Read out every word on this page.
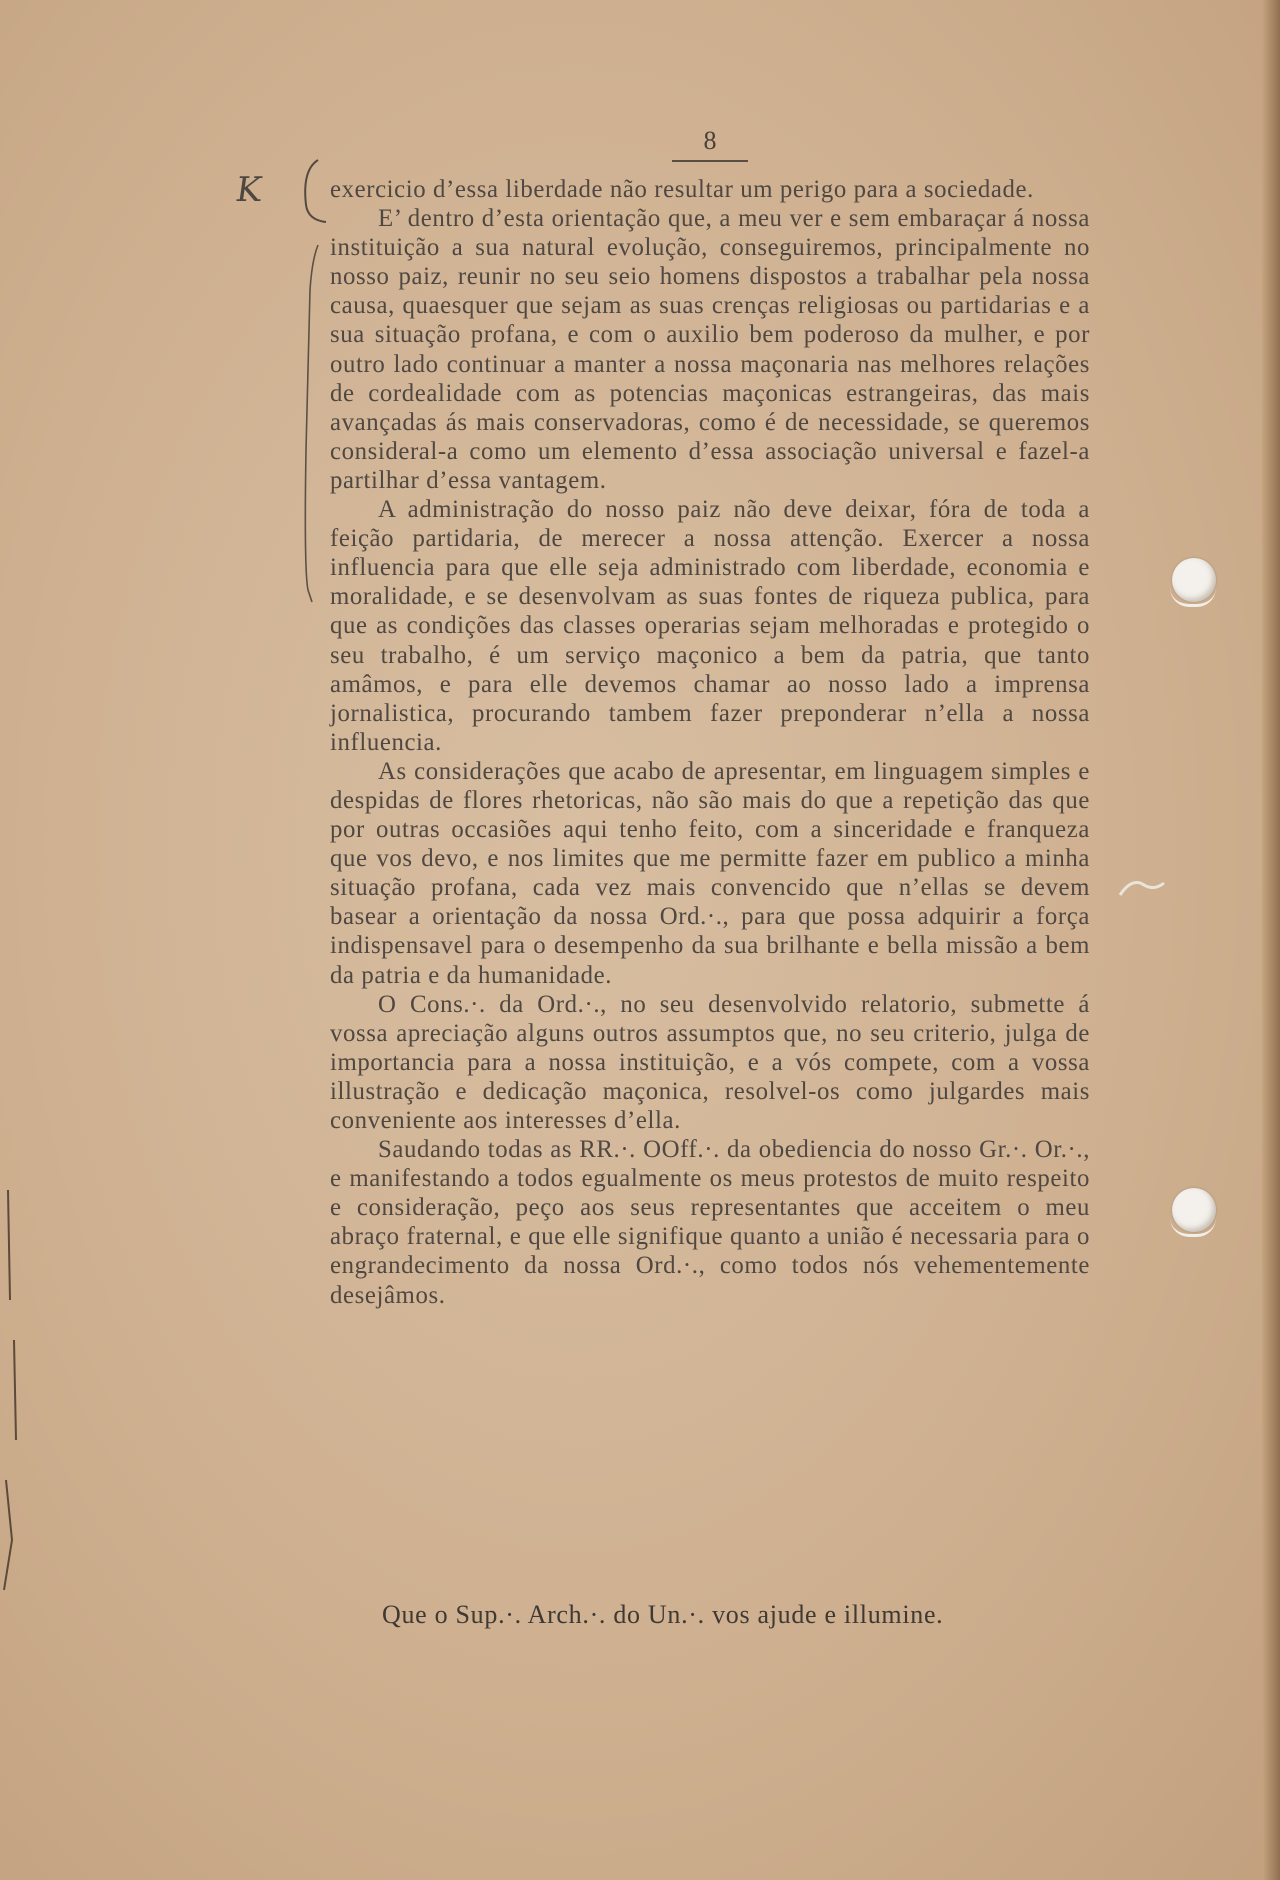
8
K	exercicio d’essa liberdade não resultar um perigo para a sociedade.

E’ dentro d’esta orientação que, a meu ver e sem embaraçar á nossa instituição a sua natural evolução, conseguiremos, principalmente no nosso paiz, reunir no seu seio homens dispostos a trabalhar pela nossa causa, quaesquer que sejam as suas crenças religiosas ou partidarias e a sua situação profana, e com o auxilio bem poderoso da mulher, e por outro lado continuar a manter a nossa maçonaria nas melhores relações de cordealidade com as potencias maçonicas estrangeiras, das mais avançadas ás mais conservadoras, como é de necessidade, se queremos consideral-a como um elemento d’essa associação universal e fazel-a partilhar d’essa vantagem.

A administração do nosso paiz não deve deixar, fóra de toda a feição partidaria, de merecer a nossa attenção. Exercer a nossa influencia para que elle seja administrado com liberdade, economia e moralidade, e se desenvolvam as suas fontes de riqueza publica, para que as condições das classes operarias sejam melhoradas e protegido o seu trabalho, é um serviço maçonico a bem da patria, que tanto amâmos, e para elle devemos chamar ao nosso lado a imprensa jornalistica, procurando tambem fazer preponderar n’ella a nossa influencia.

As considerações que acabo de apresentar, em linguagem simples e despidas de flores rhetoricas, não são mais do que a repetição das que por outras occasiões aqui tenho feito, com a sinceridade e franqueza que vos devo, e nos limites que me permitte fazer em publico a minha situação profana, cada vez mais convencido que n’ellas se devem basear a orientação da nossa Ord.·., para que possa adquirir a força indispensavel para o desempenho da sua brilhante e bella missão a bem da patria e da humanidade.

O Cons.·. da Ord.·., no seu desenvolvido relatorio, submette á vossa apreciação alguns outros assumptos que, no seu criterio, julga de importancia para a nossa instituição, e a vós compete, com a vossa illustração e dedicação maçonica, resolvel-os como julgardes mais conveniente aos interesses d’ella.

Saudando todas as RR.·. OOff.·. da obediencia do nosso Gr.·. Or.·., e manifestando a todos egualmente os meus protestos de muito respeito e consideração, peço aos seus representantes que acceitem o meu abraço fraternal, e que elle signifique quanto a união é necessaria para o engrandecimento da nossa Ord.·., como todos nós vehementemente desejâmos.

Que o Sup.·. Arch.·. do Un.·. vos ajude e illumine.
